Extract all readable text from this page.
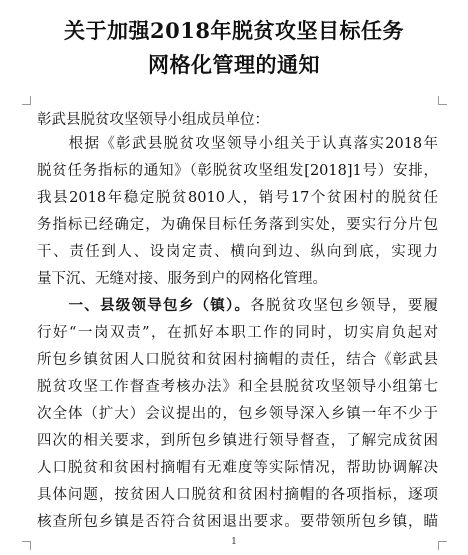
关于加强2018年脱贫攻坚目标任务
网格化管理的通知
彰武县脱贫攻坚领导小组成员单位：
　　根据《彰武县脱贫攻坚领导小组关于认真落实2018年
脱贫任务指标的通知》（彰脱贫攻坚组发[2018]1号）安排，
我县2018年稳定脱贫8010人，销号17个贫困村的脱贫任
务指标已经确定，为确保目标任务落到实处，要实行分片包
干、责任到人、设岗定责、横向到边、纵向到底，实现力
量下沉、无缝对接、服务到户的网格化管理。
　　一、县级领导包乡（镇）。各脱贫攻坚包乡领导，要履
行好“一岗双责”，在抓好本职工作的同时，切实肩负起对
所包乡镇贫困人口脱贫和贫困村摘帽的责任，结合《彰武县
脱贫攻坚工作督查考核办法》和全县脱贫攻坚领导小组第七
次全体（扩大）会议提出的，包乡领导深入乡镇一年不少于
四次的相关要求，到所包乡镇进行领导督查，了解完成贫困
人口脱贫和贫困村摘帽有无难度等实际情况，帮助协调解决
具体问题，按贫困人口脱贫和贫困村摘帽的各项指标，逐项
核查所包乡镇是否符合贫困退出要求。要带领所包乡镇，瞄
1
